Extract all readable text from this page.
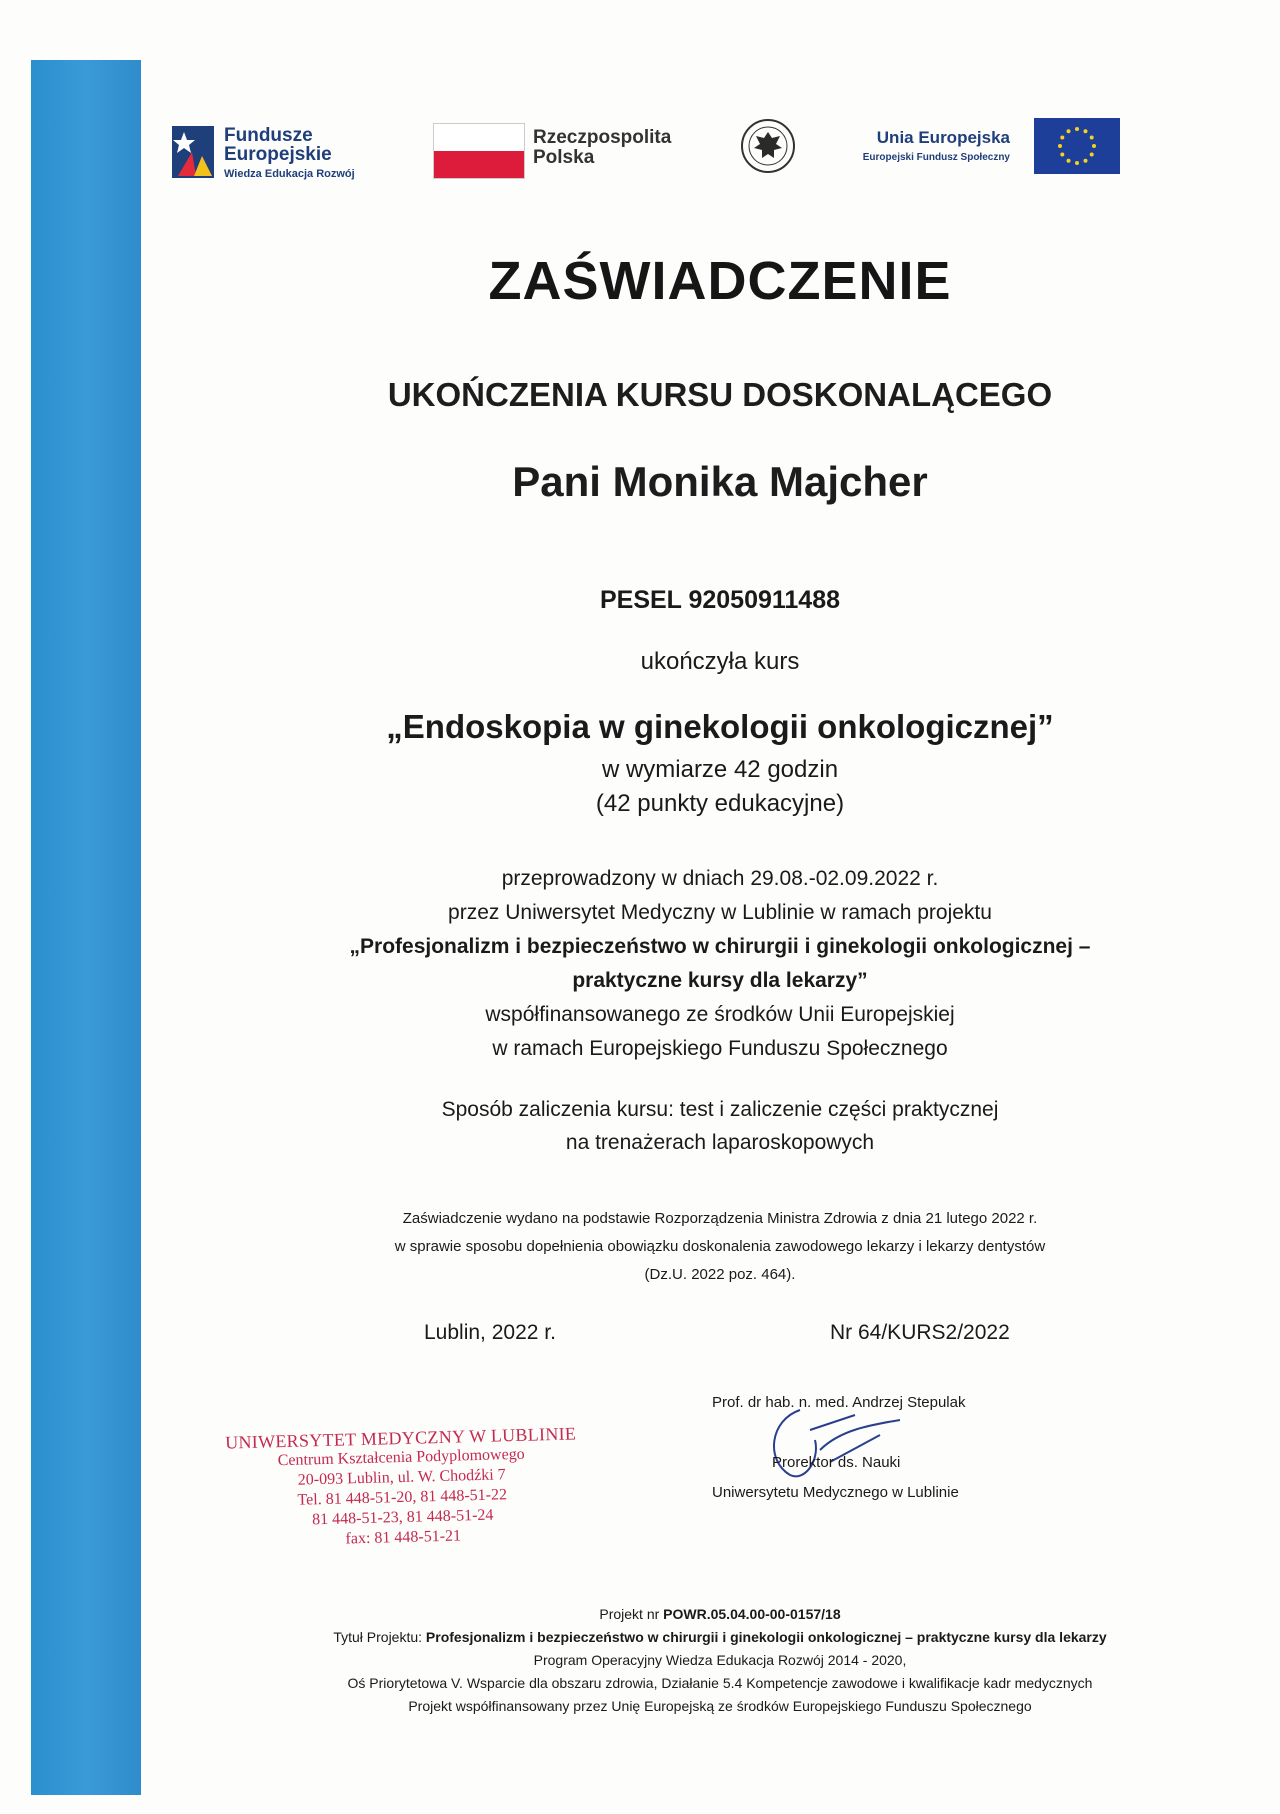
Fundusze
Europejskie
Wiedza Edukacja Rozwój
Rzeczpospolita
Polska
Unia Europejska
Europejski Fundusz Społeczny
ZAŚWIADCZENIE
UKOŃCZENIA KURSU DOSKONALĄCEGO
Pani Monika Majcher
PESEL 92050911488
ukończyła kurs
„Endoskopia w ginekologii onkologicznej”
w wymiarze 42 godzin
(42 punkty edukacyjne)
przeprowadzony w dniach 29.08.-02.09.2022 r.
przez Uniwersytet Medyczny w Lublinie w ramach projektu
„Profesjonalizm i bezpieczeństwo w chirurgii i ginekologii onkologicznej –
praktyczne kursy dla lekarzy”
współfinansowanego ze środków Unii Europejskiej
w ramach Europejskiego Funduszu Społecznego
Sposób zaliczenia kursu: test i zaliczenie części praktycznej
na trenażerach laparoskopowych
Zaświadczenie wydano na podstawie Rozporządzenia Ministra Zdrowia z dnia 21 lutego 2022 r.
w sprawie sposobu dopełnienia obowiązku doskonalenia zawodowego lekarzy i lekarzy dentystów
(Dz.U. 2022 poz. 464).
Lublin, 2022 r.	Nr 64/KURS2/2022
Prof. dr hab. n. med. Andrzej Stepulak
Prorektor ds. Nauki
Uniwersytetu Medycznego w Lublinie
UNIWERSYTET MEDYCZNY W LUBLINIE
Centrum Kształcenia Podyplomowego
20-093 Lublin, ul. W. Chodźki 7
Tel. 81 448-51-20, 81 448-51-22
81 448-51-23, 81 448-51-24
fax: 81 448-51-21
Projekt nr POWR.05.04.00-00-0157/18
Tytuł Projektu: Profesjonalizm i bezpieczeństwo w chirurgii i ginekologii onkologicznej – praktyczne kursy dla lekarzy
Program Operacyjny Wiedza Edukacja Rozwój 2014 - 2020,
Oś Priorytetowa V. Wsparcie dla obszaru zdrowia, Działanie 5.4 Kompetencje zawodowe i kwalifikacje kadr medycznych
Projekt współfinansowany przez Unię Europejską ze środków Europejskiego Funduszu Społecznego
